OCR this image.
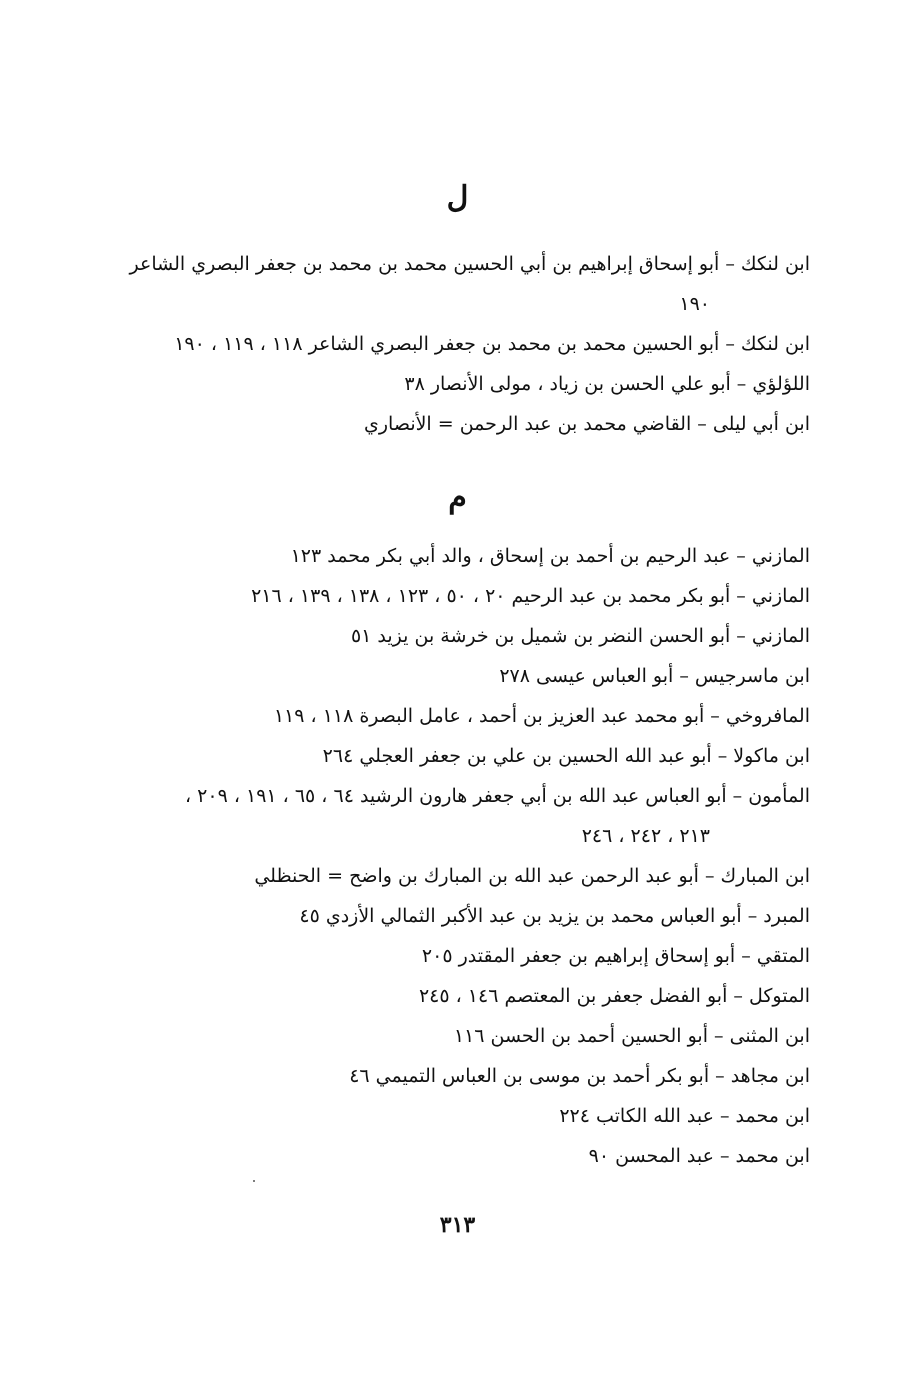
ل
ابن لنكك – أبو إسحاق إبراهيم بن أبي الحسين محمد بن محمد بن جعفر البصري الشاعر
١٩٠
ابن لنكك – أبو الحسين محمد بن محمد بن جعفر البصري الشاعر ١١٨ ، ١١٩ ، ١٩٠
اللؤلؤي – أبو علي الحسن بن زياد ، مولى الأنصار ٣٨
ابن أبي ليلى – القاضي محمد بن عبد الرحمن = الأنصاري
م
المازني – عبد الرحيم بن أحمد بن إسحاق ، والد أبي بكر محمد ١٢٣
المازني – أبو بكر محمد بن عبد الرحيم ٢٠ ، ٥٠ ، ١٢٣ ، ١٣٨ ، ١٣٩ ، ٢١٦
المازني – أبو الحسن النضر بن شميل بن خرشة بن يزيد ٥١
ابن ماسرجيس – أبو العباس عيسى ٢٧٨
المافروخي – أبو محمد عبد العزيز بن أحمد ، عامل البصرة ١١٨ ، ١١٩
ابن ماكولا – أبو عبد الله الحسين بن علي بن جعفر العجلي ٢٦٤
المأمون – أبو العباس عبد الله بن أبي جعفر هارون الرشيد ٦٤ ، ٦٥ ، ١٩١ ، ٢٠٩ ،
٢١٣ ، ٢٤٢ ، ٢٤٦
ابن المبارك – أبو عبد الرحمن عبد الله بن المبارك بن واضح = الحنظلي
المبرد – أبو العباس محمد بن يزيد بن عبد الأكبر الثمالي الأزدي ٤٥
المتقي – أبو إسحاق إبراهيم بن جعفر المقتدر ٢٠٥
المتوكل – أبو الفضل جعفر بن المعتصم ١٤٦ ، ٢٤٥
ابن المثنى – أبو الحسين أحمد بن الحسن ١١٦
ابن مجاهد – أبو بكر أحمد بن موسى بن العباس التميمي ٤٦
ابن محمد – عبد الله الكاتب ٢٢٤
ابن محمد – عبد المحسن ٩٠
٣١٣
